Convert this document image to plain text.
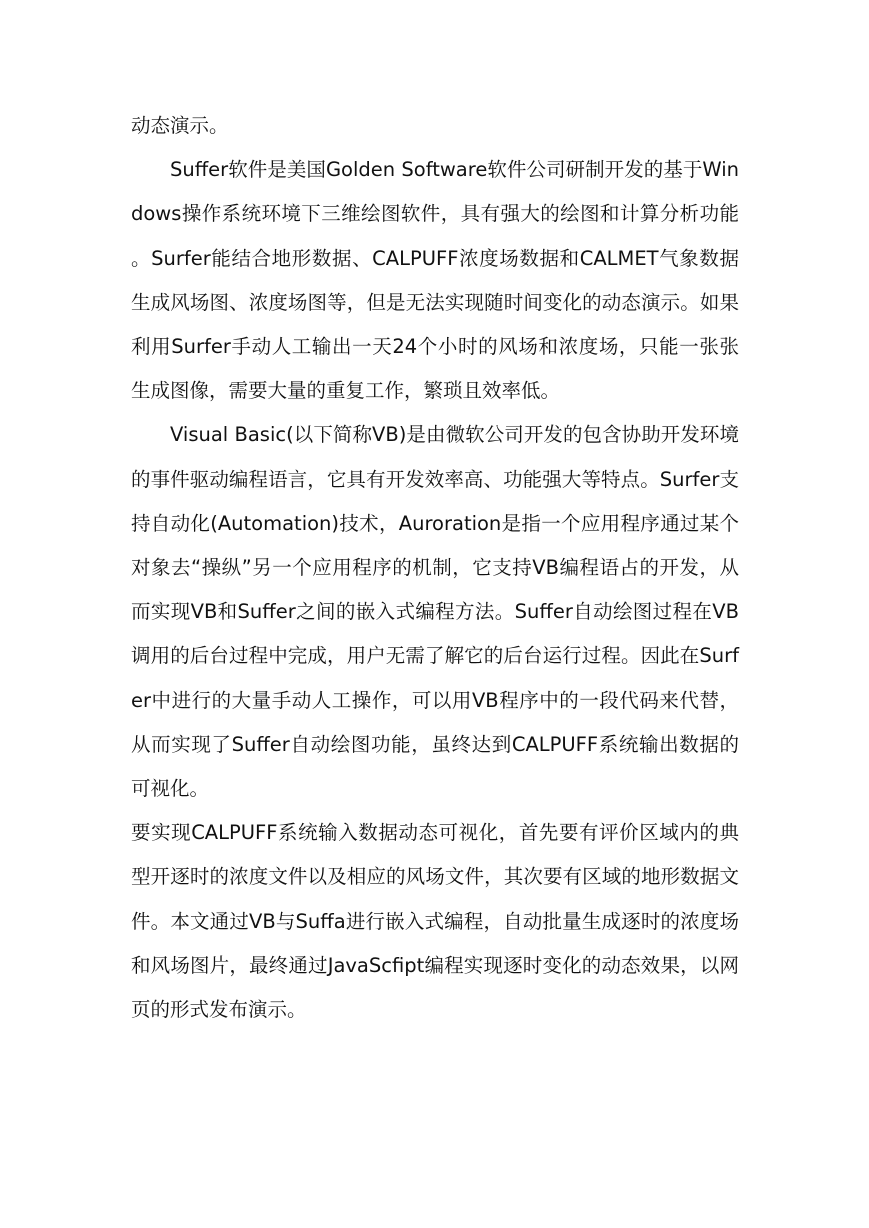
动态演示。

Suffer软件是美国Golden Software软件公司研制开发的基于Windows操作系统环境下三维绘图软件，具有强大的绘图和计算分析功能。Surfer能结合地形数据、CALPUFF浓度场数据和CALMET气象数据生成风场图、浓度场图等，但是无法实现随时间变化的动态演示。如果利用Surfer手动人工输出一天24个小时的风场和浓度场，只能一张张生成图像，需要大量的重复工作，繁琐且效率低。

Visual Basic(以下简称VB)是由微软公司开发的包含协助开发环境的事件驱动编程语言，它具有开发效率高、功能强大等特点。Surfer支持自动化(Automation)技术，Auroration是指一个应用程序通过某个对象去“操纵”另一个应用程序的机制，它支持VB编程语占的开发，从而实现VB和Suffer之间的嵌入式编程方法。Suffer自动绘图过程在VB调用的后台过程中完成，用户无需了解它的后台运行过程。因此在Surfer中进行的大量手动人工操作，可以用VB程序中的一段代码来代替，从而实现了Suffer自动绘图功能，虽终达到CALPUFF系统输出数据的可视化。

要实现CALPUFF系统输入数据动态可视化，首先要有评价区域内的典型开逐时的浓度文件以及相应的风场文件，其次要有区域的地形数据文件。本文通过VB与Suffa进行嵌入式编程，自动批量生成逐时的浓度场和风场图片，最终通过JavaScfipt编程实现逐时变化的动态效果，以网页的形式发布演示。
